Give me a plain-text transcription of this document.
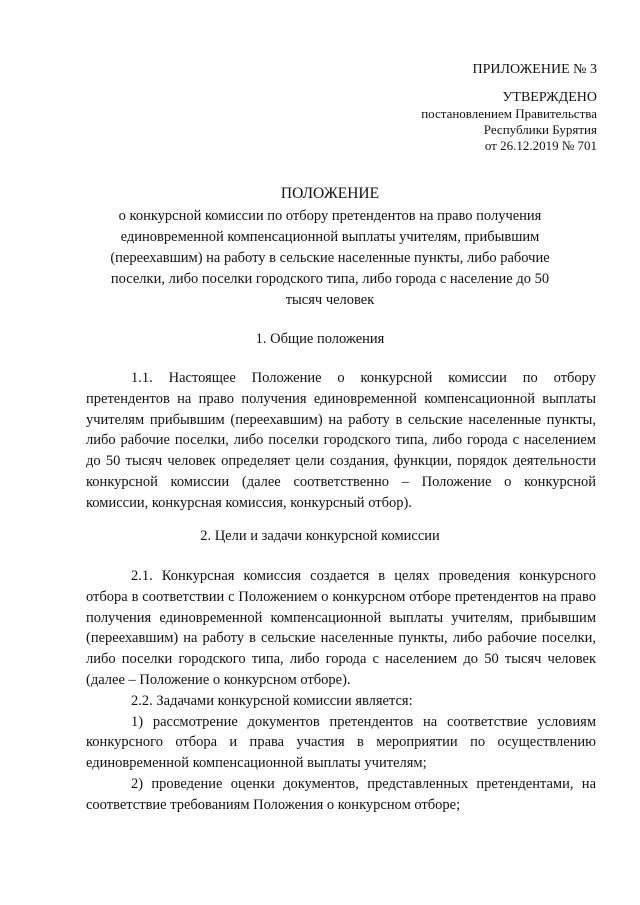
ПРИЛОЖЕНИЕ № 3
УТВЕРЖДЕНО
постановлением Правительства
Республики Бурятия
от 26.12.2019 № 701
ПОЛОЖЕНИЕ
о конкурсной комиссии по отбору претендентов на право получения единовременной компенсационной выплаты учителям, прибывшим (переехавшим) на работу в сельские населенные пункты, либо рабочие поселки, либо поселки городского типа, либо города с население до 50 тысяч человек
1. Общие положения

1.1. Настоящее Положение о конкурсной комиссии по отбору претендентов на право получения единовременной компенсационной выплаты учителям прибывшим (переехавшим) на работу в сельские населенные пункты, либо рабочие поселки, либо поселки городского типа, либо города с населением до 50 тысяч человек определяет цели создания, функции, порядок деятельности конкурсной комиссии (далее соответственно – Положение о конкурсной комиссии, конкурсная комиссия, конкурсный отбор).

2. Цели и задачи конкурсной комиссии

2.1. Конкурсная комиссия создается в целях проведения конкурсного отбора в соответствии с Положением о конкурсном отборе претендентов на право получения единовременной компенсационной выплаты учителям, прибывшим (переехавшим) на работу в сельские населенные пункты, либо рабочие поселки, либо поселки городского типа, либо города с населением до 50 тысяч человек (далее – Положение о конкурсном отборе).

2.2. Задачами конкурсной комиссии является:

1) рассмотрение документов претендентов на соответствие условиям конкурсного отбора и права участия в мероприятии по осуществлению единовременной компенсационной выплаты учителям;

2) проведение оценки документов, представленных претендентами, на соответствие требованиям Положения о конкурсном отборе;
